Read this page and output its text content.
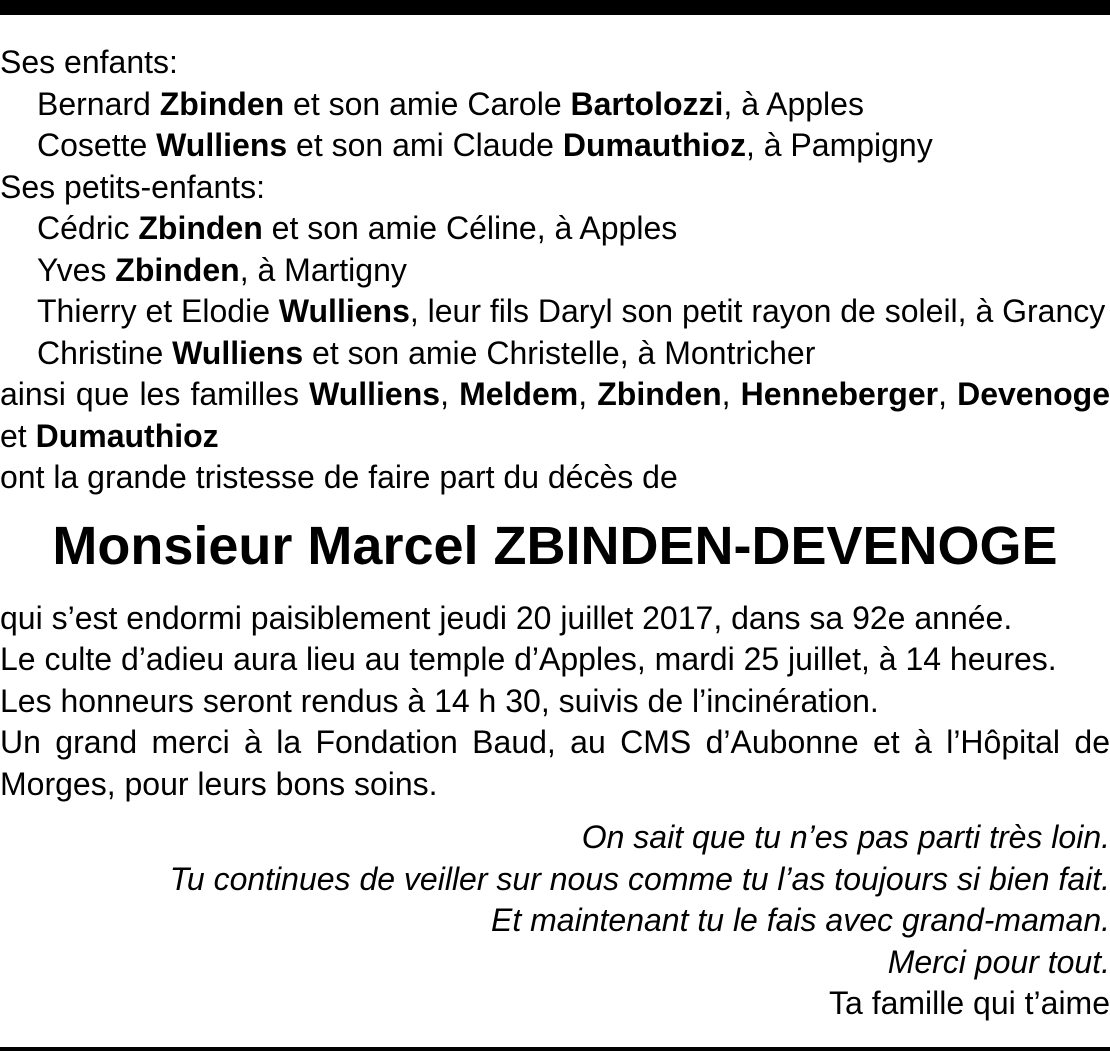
Ses enfants:
Bernard Zbinden et son amie Carole Bartolozzi, à Apples
Cosette Wulliens et son ami Claude Dumauthioz, à Pampigny
Ses petits-enfants:
Cédric Zbinden et son amie Céline, à Apples
Yves Zbinden, à Martigny
Thierry et Elodie Wulliens, leur fils Daryl son petit rayon de soleil, à Grancy
Christine Wulliens et son amie Christelle, à Montricher

ainsi que les familles Wulliens, Meldem, Zbinden, Henneberger, Devenoge et Dumauthioz

ont la grande tristesse de faire part du décès de
Monsieur Marcel ZBINDEN-DEVENOGE
qui s’est endormi paisiblement jeudi 20 juillet 2017, dans sa 92e année.
Le culte d’adieu aura lieu au temple d’Apples, mardi 25 juillet, à 14 heures.
Les honneurs seront rendus à 14 h 30, suivis de l’incinération.

Un grand merci à la Fondation Baud, au CMS d’Aubonne et à l’Hôpital de Morges, pour leurs bons soins.

On sait que tu n’es pas parti très loin.
Tu continues de veiller sur nous comme tu l’as toujours si bien fait.
Et maintenant tu le fais avec grand-maman.
Merci pour tout.
Ta famille qui t’aime
